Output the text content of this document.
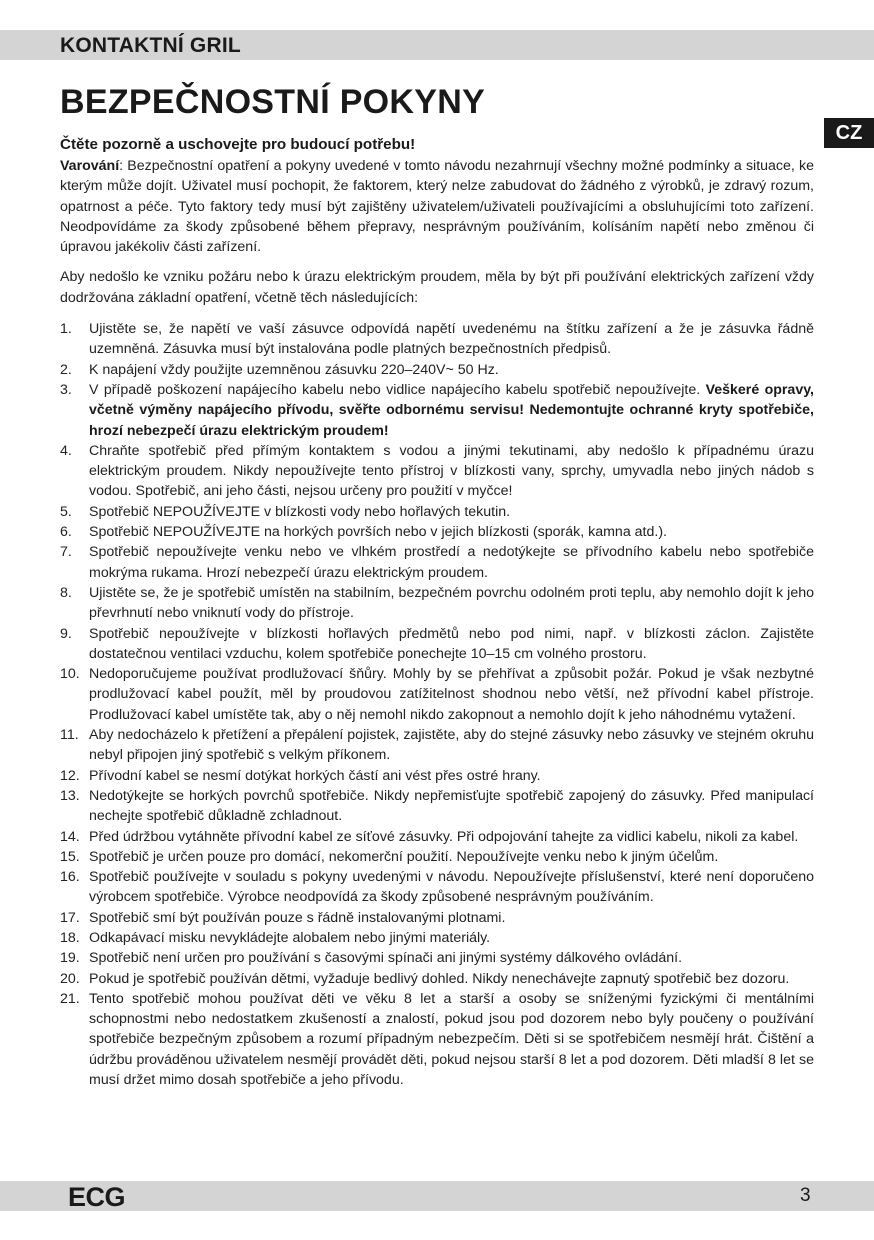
KONTAKTNÍ GRIL
BEZPEČNOSTNÍ POKYNY
CZ

Čtěte pozorně a uschovejte pro budoucí potřebu!

Varování: Bezpečnostní opatření a pokyny uvedené v tomto návodu nezahrnují všechny možné podmínky a situace, ke kterým může dojít. Uživatel musí pochopit, že faktorem, který nelze zabudovat do žádného z výrobků, je zdravý rozum, opatrnost a péče. Tyto faktory tedy musí být zajištěny uživatelem/uživateli používajícími a obsluhujícími toto zařízení. Neodpovídáme za škody způsobené během přepravy, nesprávným používáním, kolísáním napětí nebo změnou či úpravou jakékoliv části zařízení.

Aby nedošlo ke vzniku požáru nebo k úrazu elektrickým proudem, měla by být při používání elektrických zařízení vždy dodržována základní opatření, včetně těch následujících:

1.	Ujistěte se, že napětí ve vaší zásuvce odpovídá napětí uvedenému na štítku zařízení a že je zásuvka řádně uzemněná. Zásuvka musí být instalována podle platných bezpečnostních předpisů.
2.	K napájení vždy použijte uzemněnou zásuvku 220–240V~ 50 Hz.
3.	V případě poškození napájecího kabelu nebo vidlice napájecího kabelu spotřebič nepoužívejte. Veškeré opravy, včetně výměny napájecího přívodu, svěřte odbornému servisu! Nedemontujte ochranné kryty spotřebiče, hrozí nebezpečí úrazu elektrickým proudem!
4.	Chraňte spotřebič před přímým kontaktem s vodou a jinými tekutinami, aby nedošlo k případnému úrazu elektrickým proudem. Nikdy nepoužívejte tento přístroj v blízkosti vany, sprchy, umyvadla nebo jiných nádob s vodou. Spotřebič, ani jeho části, nejsou určeny pro použití v myčce!
5.	Spotřebič NEPOUŽÍVEJTE v blízkosti vody nebo hořlavých tekutin.
6.	Spotřebič NEPOUŽÍVEJTE na horkých površích nebo v jejich blízkosti (sporák, kamna atd.).
7.	Spotřebič nepoužívejte venku nebo ve vlhkém prostředí a nedotýkejte se přívodního kabelu nebo spotřebiče mokrýma rukama. Hrozí nebezpečí úrazu elektrickým proudem.
8.	Ujistěte se, že je spotřebič umístěn na stabilním, bezpečném povrchu odolném proti teplu, aby nemohlo dojít k jeho převrhnutí nebo vniknutí vody do přístroje.
9.	Spotřebič nepoužívejte v blízkosti hořlavých předmětů nebo pod nimi, např. v blízkosti záclon. Zajistěte dostatečnou ventilaci vzduchu, kolem spotřebiče ponechejte 10–15 cm volného prostoru.
10. Nedoporučujeme používat prodlužovací šňůry. Mohly by se přehřívat a způsobit požár. Pokud je však nezbytné prodlužovací kabel použít, měl by proudovou zatížitelnost shodnou nebo větší, než přívodní kabel přístroje. Prodlužovací kabel umístěte tak, aby o něj nemohl nikdo zakopnout a nemohlo dojít k jeho náhodnému vytažení.
11. Aby nedocházelo k přetížení a přepálení pojistek, zajistěte, aby do stejné zásuvky nebo zásuvky ve stejném okruhu nebyl připojen jiný spotřebič s velkým příkonem.
12. Přívodní kabel se nesmí dotýkat horkých částí ani vést přes ostré hrany.
13. Nedotýkejte se horkých povrchů spotřebiče. Nikdy nepřemisťujte spotřebič zapojený do zásuvky. Před manipulací nechejte spotřebič důkladně zchladnout.
14. Před údržbou vytáhněte přívodní kabel ze síťové zásuvky. Při odpojování tahejte za vidlici kabelu, nikoli za kabel.
15. Spotřebič je určen pouze pro domácí, nekomerční použití. Nepoužívejte venku nebo k jiným účelům.
16. Spotřebič používejte v souladu s pokyny uvedenými v návodu. Nepoužívejte příslušenství, které není doporučeno výrobcem spotřebiče. Výrobce neodpovídá za škody způsobené nesprávným používáním.
17. Spotřebič smí být používán pouze s řádně instalovanými plotnami.
18. Odkapávací misku nevykládejte alobalem nebo jinými materiály.
19. Spotřebič není určen pro používání s časovými spínači ani jinými systémy dálkového ovládání.
20. Pokud je spotřebič používán dětmi, vyžaduje bedlivý dohled. Nikdy nenechávejte zapnutý spotřebič bez dozoru.
21. Tento spotřebič mohou používat děti ve věku 8 let a starší a osoby se sníženými fyzickými či mentálními schopnostmi nebo nedostatkem zkušeností a znalostí, pokud jsou pod dozorem nebo byly poučeny o používání spotřebiče bezpečným způsobem a rozumí případným nebezpečím. Děti si se spotřebičem nesmějí hrát. Čištění a údržbu prováděnou uživatelem nesmějí provádět děti, pokud nejsou starší 8 let a pod dozorem. Děti mladší 8 let se musí držet mimo dosah spotřebiče a jeho přívodu.
ECG	3
